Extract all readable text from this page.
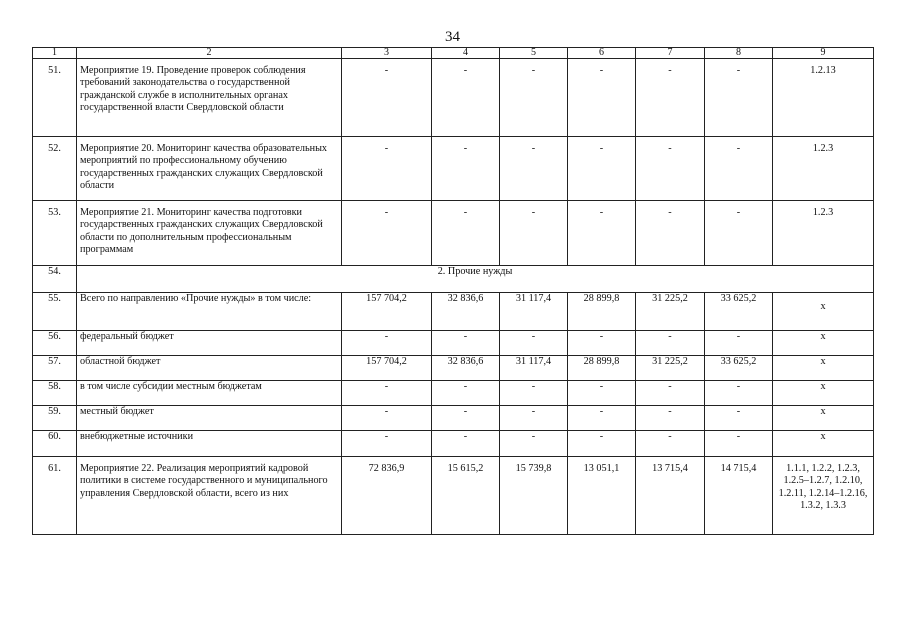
34
1	2	3	4	5	6	7	8	9
51.	Мероприятие 19. Проведение проверок соблюдения требований законодательства о государственной гражданской службе в исполнительных органах государственной власти Свердловской области	-	-	-	-	-	-	1.2.13
52.	Мероприятие 20. Мониторинг качества образовательных мероприятий по профессиональному обучению государственных гражданских служащих Свердловской области	-	-	-	-	-	-	1.2.3
53.	Мероприятие 21. Мониторинг качества подготовки государственных гражданских служащих Свердловской области по дополнительным профессиональным программам	-	-	-	-	-	-	1.2.3
54.	2. Прочие нужды							
55.	Всего по направлению «Прочие нужды» в том числе:	157 704,2	32 836,6	31 117,4	28 899,8	31 225,2	33 625,2	x
56.	федеральный бюджет	-	-	-	-	-	-	x
57.	областной бюджет	157 704,2	32 836,6	31 117,4	28 899,8	31 225,2	33 625,2	x
58.	в том числе субсидии местным бюджетам	-	-	-	-	-	-	x
59.	местный бюджет	-	-	-	-	-	-	x
60.	внебюджетные источники	-	-	-	-	-	-	x
61.	Мероприятие 22. Реализация мероприятий кадровой политики в системе государственного и муниципального управления Свердловской области, всего из них	72 836,9	15 615,2	15 739,8	13 051,1	13 715,4	14 715,4	1.1.1, 1.2.2, 1.2.3, 1.2.5–1.2.7, 1.2.10, 1.2.11, 1.2.14–1.2.16, 1.3.2, 1.3.3
